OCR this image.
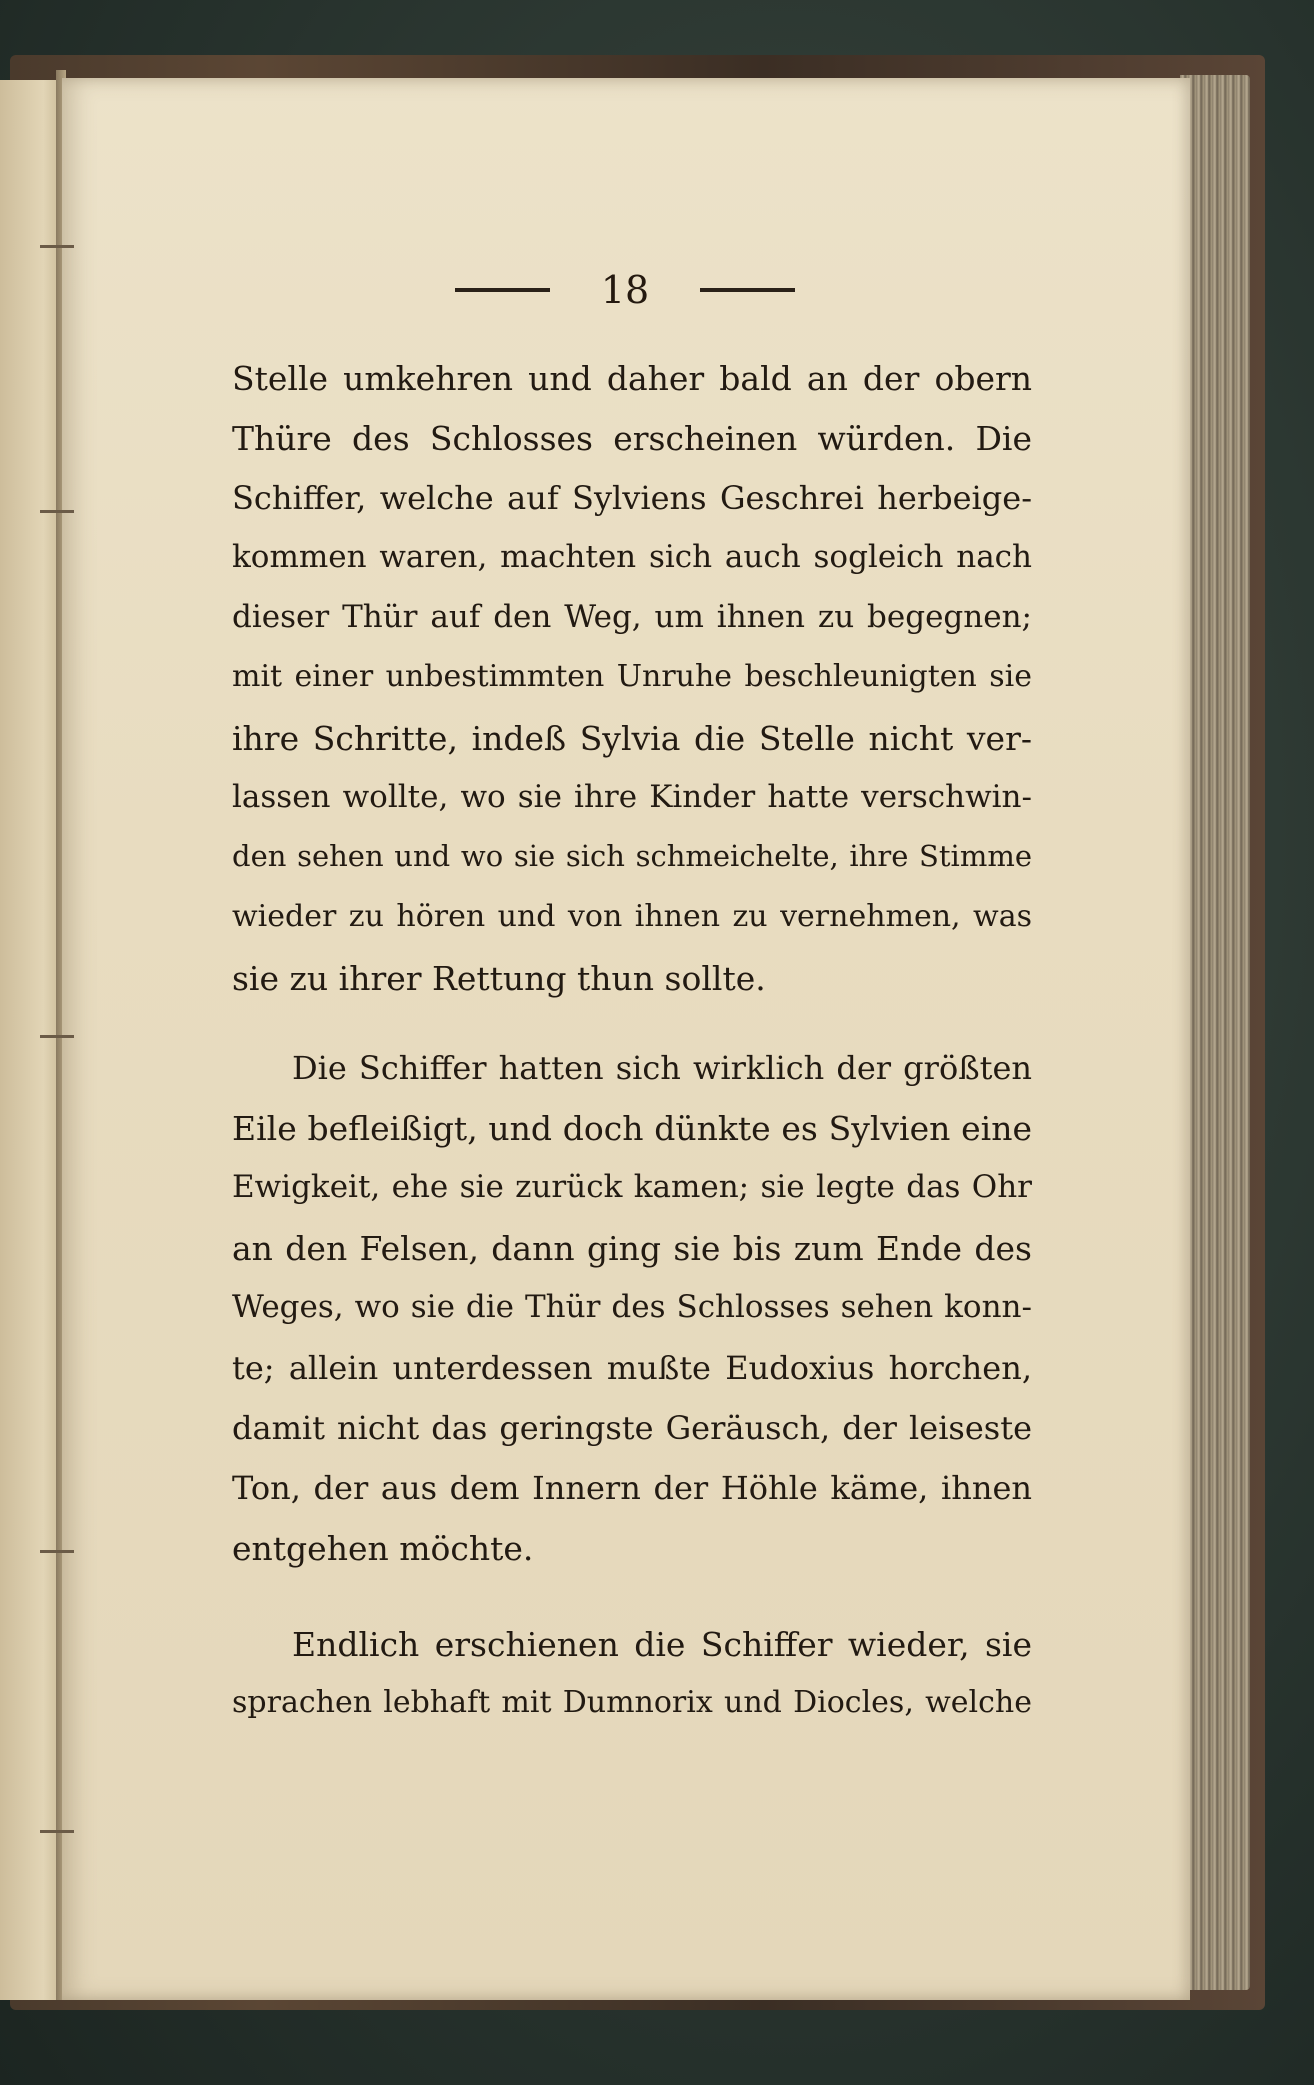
18
Stelle umkehren und daher bald an der obern
Thüre des Schlosses erscheinen würden. Die
Schiffer, welche auf Sylviens Geschrei herbeige-
kommen waren, machten sich auch sogleich nach
dieser Thür auf den Weg, um ihnen zu begegnen;
mit einer unbestimmten Unruhe beschleunigten sie
ihre Schritte, indeß Sylvia die Stelle nicht ver-
lassen wollte, wo sie ihre Kinder hatte verschwin-
den sehen und wo sie sich schmeichelte, ihre Stimme
wieder zu hören und von ihnen zu vernehmen, was
sie zu ihrer Rettung thun sollte.
Die Schiffer hatten sich wirklich der größten
Eile befleißigt, und doch dünkte es Sylvien eine
Ewigkeit, ehe sie zurück kamen; sie legte das Ohr
an den Felsen, dann ging sie bis zum Ende des
Weges, wo sie die Thür des Schlosses sehen konn-
te; allein unterdessen mußte Eudoxius horchen,
damit nicht das geringste Geräusch, der leiseste
Ton, der aus dem Innern der Höhle käme, ihnen
entgehen möchte.
Endlich erschienen die Schiffer wieder, sie
sprachen lebhaft mit Dumnorix und Diocles, welche
